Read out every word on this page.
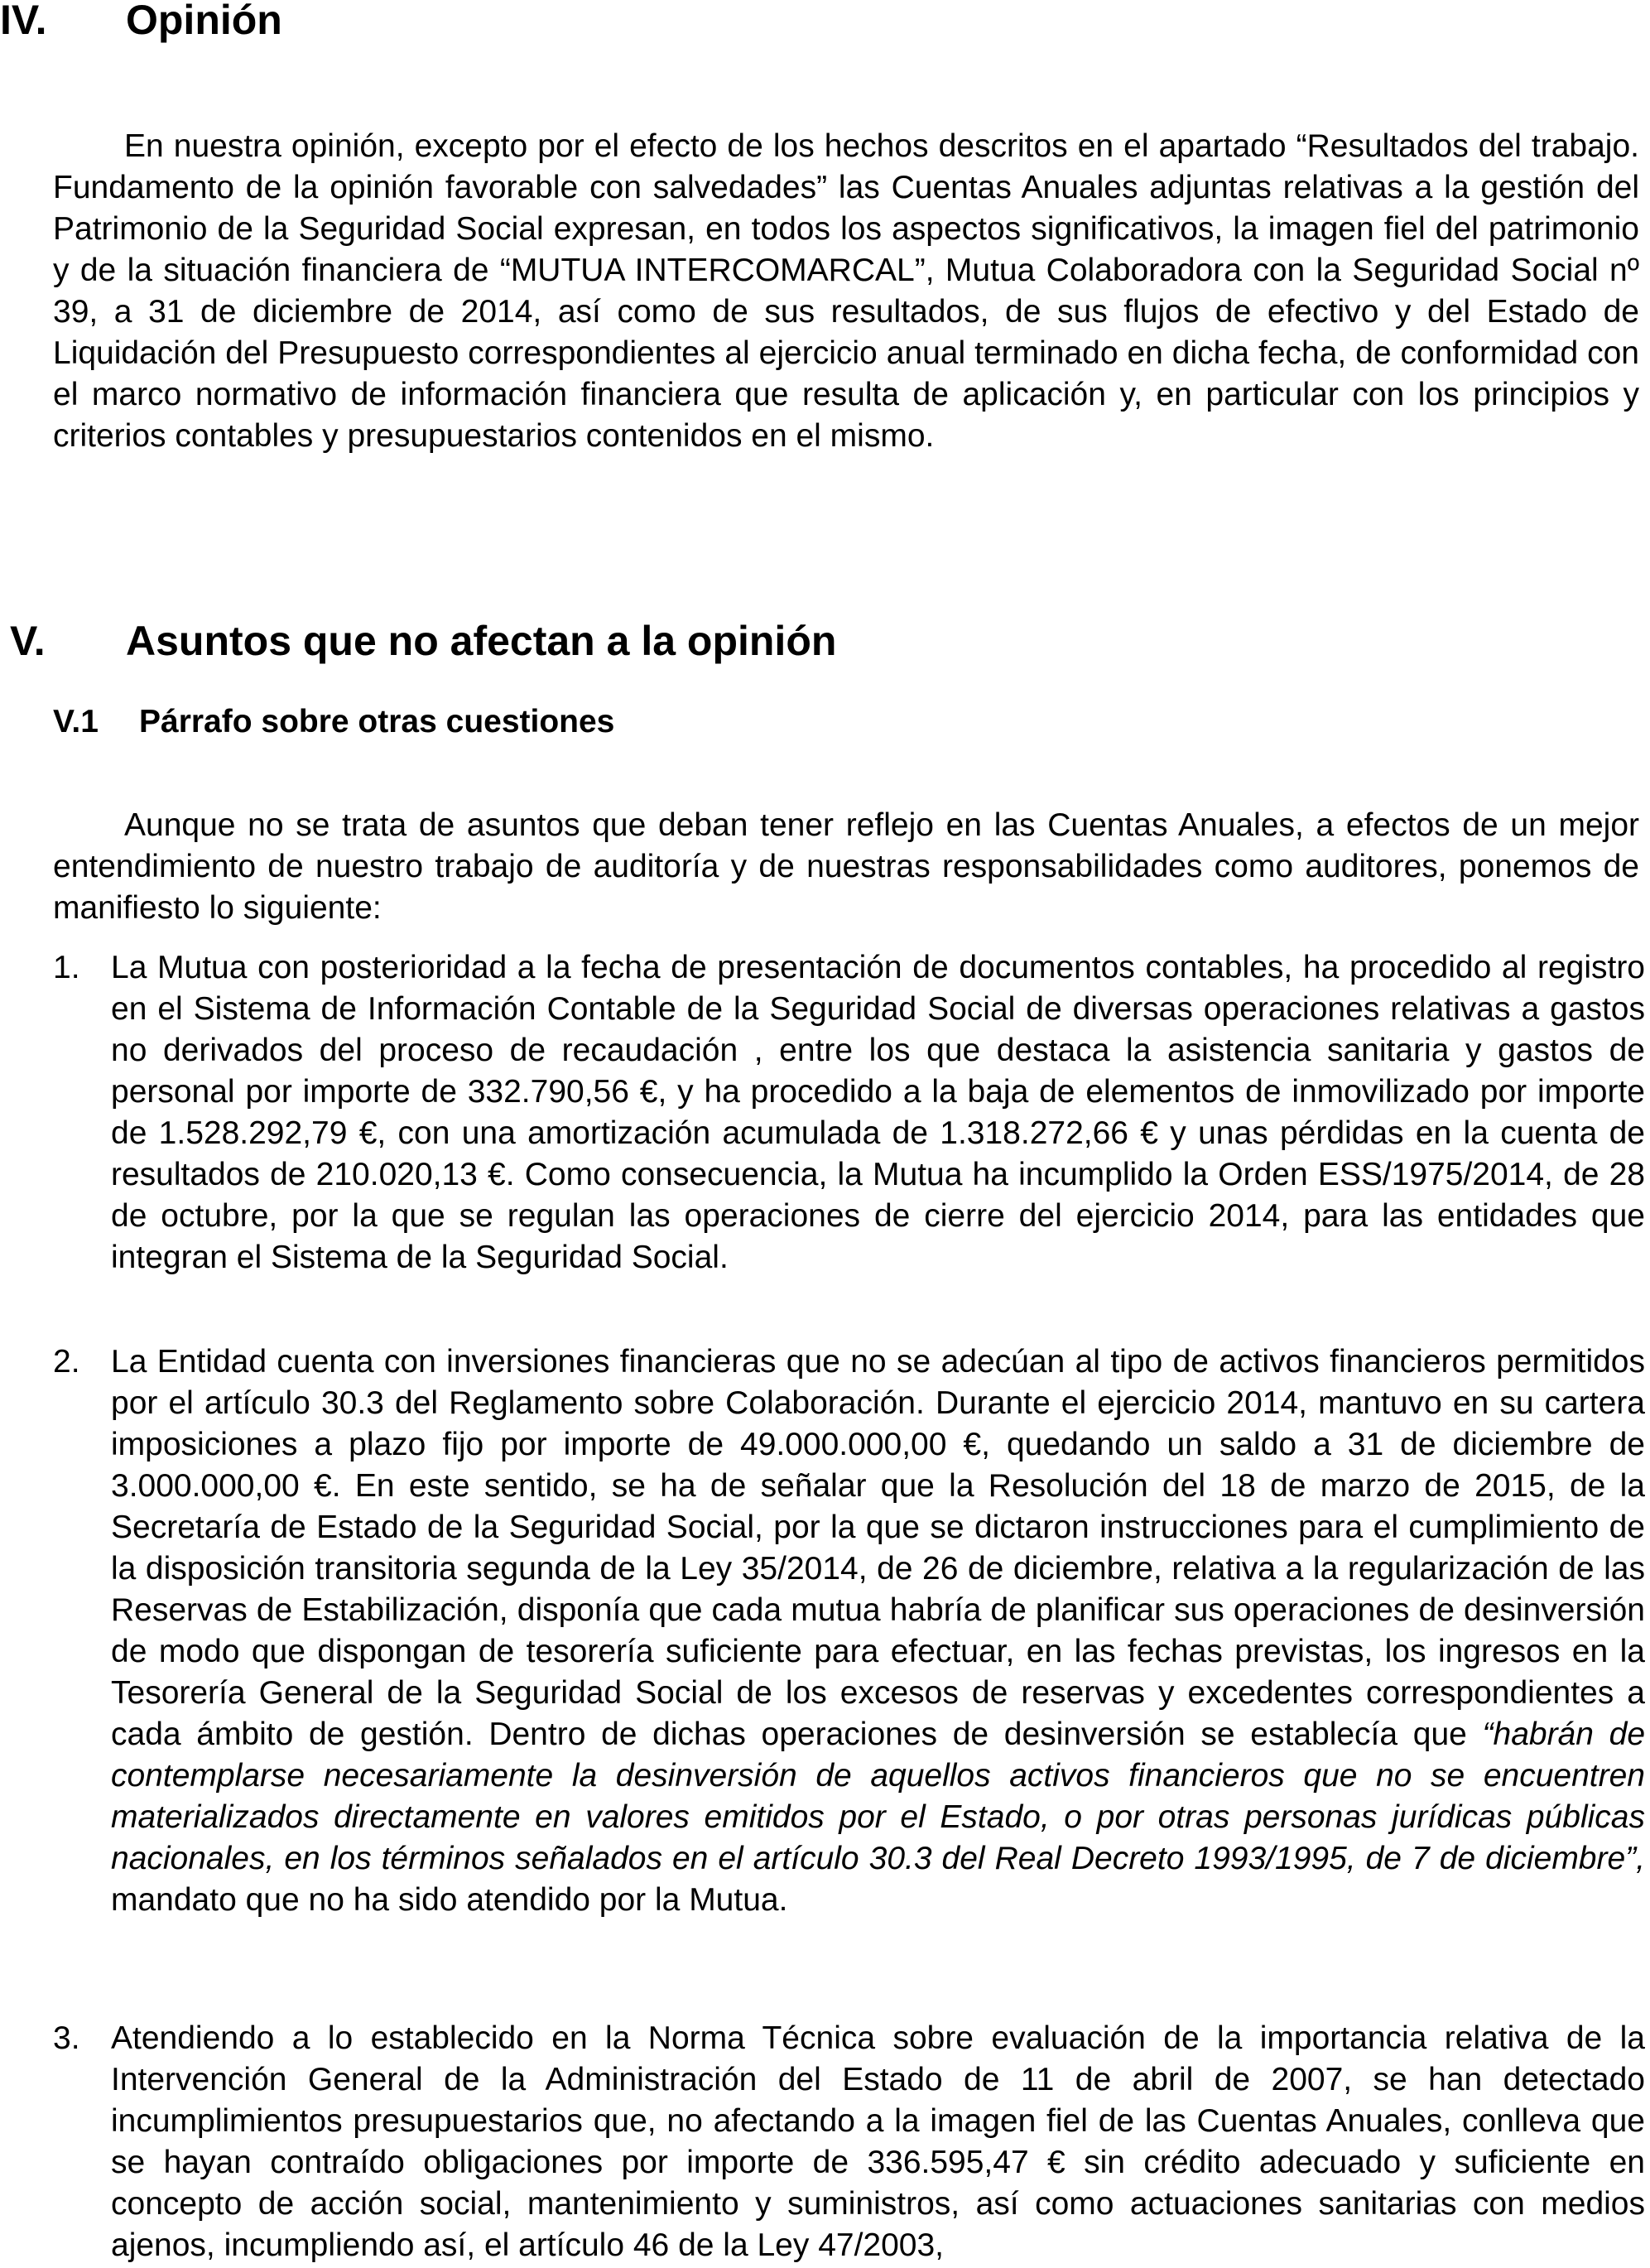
IV. Opinión

En nuestra opinión, excepto por el efecto de los hechos descritos en el apartado “Resultados del trabajo. Fundamento de la opinión favorable con salvedades” las Cuentas Anuales adjuntas relativas a la gestión del Patrimonio de la Seguridad Social expresan, en todos los aspectos significativos, la imagen fiel del patrimonio y de la situación financiera de “MUTUA INTERCOMARCAL”, Mutua Colaboradora con la Seguridad Social nº 39, a 31 de diciembre de 2014, así como de sus resultados, de sus flujos de efectivo y del Estado de Liquidación del Presupuesto correspondientes al ejercicio anual terminado en dicha fecha, de conformidad con el marco normativo de información financiera que resulta de aplicación y, en particular con los principios y criterios contables y presupuestarios contenidos en el mismo.

V. Asuntos que no afectan a la opinión
V.1 Párrafo sobre otras cuestiones

Aunque no se trata de asuntos que deban tener reflejo en las Cuentas Anuales, a efectos de un mejor entendimiento de nuestro trabajo de auditoría y de nuestras responsabilidades como auditores, ponemos de manifiesto lo siguiente:

1. La Mutua con posterioridad a la fecha de presentación de documentos contables, ha procedido al registro en el Sistema de Información Contable de la Seguridad Social de diversas operaciones relativas a gastos no derivados del proceso de recaudación , entre los que destaca la asistencia sanitaria y gastos de personal por importe de 332.790,56 €, y ha procedido a la baja de elementos de inmovilizado por importe de 1.528.292,79 €, con una amortización acumulada de 1.318.272,66 € y unas pérdidas en la cuenta de resultados de 210.020,13 €. Como consecuencia, la Mutua ha incumplido la Orden ESS/1975/2014, de 28 de octubre, por la que se regulan las operaciones de cierre del ejercicio 2014, para las entidades que integran el Sistema de la Seguridad Social.

2. La Entidad cuenta con inversiones financieras que no se adecúan al tipo de activos financieros permitidos por el artículo 30.3 del Reglamento sobre Colaboración. Durante el ejercicio 2014, mantuvo en su cartera imposiciones a plazo fijo por importe de 49.000.000,00 €, quedando un saldo a 31 de diciembre de 3.000.000,00 €. En este sentido, se ha de señalar que la Resolución del 18 de marzo de 2015, de la Secretaría de Estado de la Seguridad Social, por la que se dictaron instrucciones para el cumplimiento de la disposición transitoria segunda de la Ley 35/2014, de 26 de diciembre, relativa a la regularización de las Reservas de Estabilización, disponía que cada mutua habría de planificar sus operaciones de desinversión de modo que dispongan de tesorería suficiente para efectuar, en las fechas previstas, los ingresos en la Tesorería General de la Seguridad Social de los excesos de reservas y excedentes correspondientes a cada ámbito de gestión. Dentro de dichas operaciones de desinversión se establecía que “habrán de contemplarse necesariamente la desinversión de aquellos activos financieros que no se encuentren materializados directamente en valores emitidos por el Estado, o por otras personas jurídicas públicas nacionales, en los términos señalados en el artículo 30.3 del Real Decreto 1993/1995, de 7 de diciembre”, mandato que no ha sido atendido por la Mutua.

3. Atendiendo a lo establecido en la Norma Técnica sobre evaluación de la importancia relativa de la Intervención General de la Administración del Estado de 11 de abril de 2007, se han detectado incumplimientos presupuestarios que, no afectando a la imagen fiel de las Cuentas Anuales, conlleva que se hayan contraído obligaciones por importe de 336.595,47 € sin crédito adecuado y suficiente en concepto de acción social, mantenimiento y suministros, así como actuaciones sanitarias con medios ajenos, incumpliendo así, el artículo 46 de la Ley 47/2003,
